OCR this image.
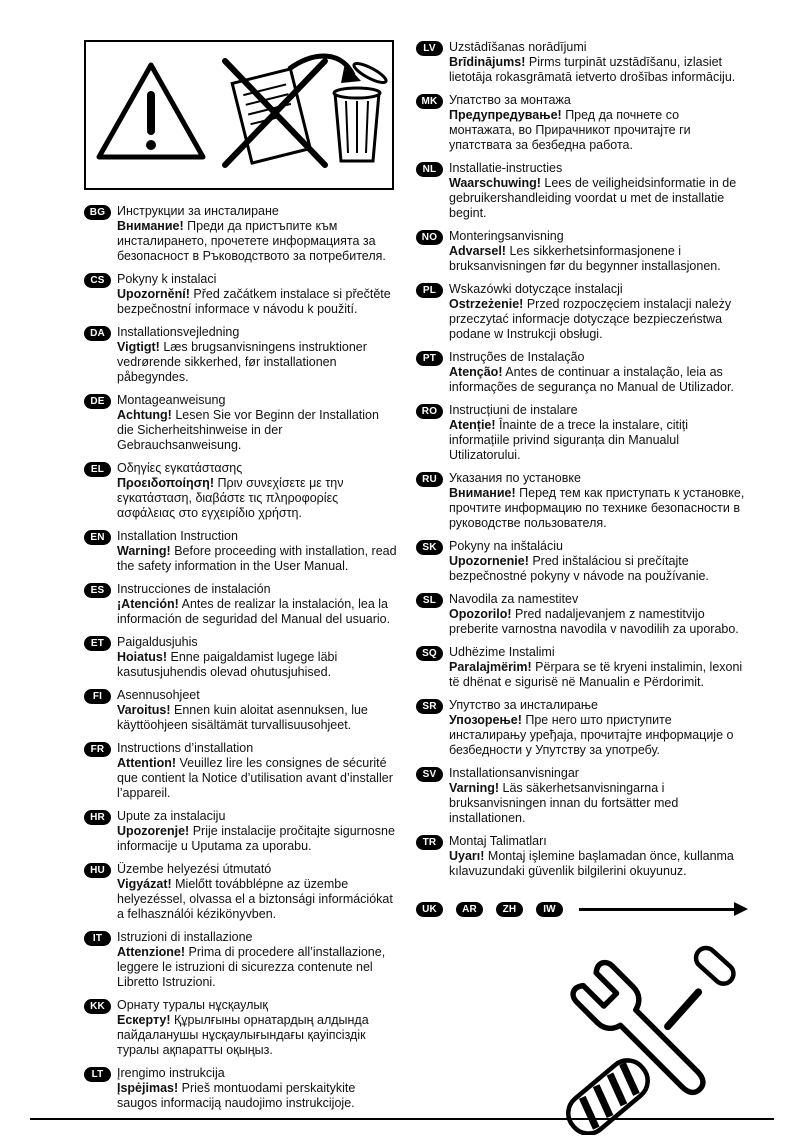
BG Инструкции за инсталиране
Внимание! Преди да пристъпите към инсталирането, прочетете информацията за безопасност в Ръководството за потребителя.
CS Pokyny k instalaci
Upozornění! Před začátkem instalace si přečtěte bezpečnostní informace v návodu k použití.
DA Installationsvejledning
Vigtigt! Læs brugsanvisningens instruktioner vedrørende sikkerhed, før installationen påbegyndes.
DE Montageanweisung
Achtung! Lesen Sie vor Beginn der Installation die Sicherheitshinweise in der Gebrauchsanweisung.
EL	Οδηγίες εγκατάστασης
Προειδοποίηση! Πριν συνεχίσετε με την εγκατάσταση, διαβάστε τις πληροφορίες ασφάλειας στο εγχειρίδιο χρήστη.
EN Installation Instruction
Warning! Before proceeding with installation, read the safety information in the User Manual.
ES	Instrucciones de instalación
¡Atención! Antes de realizar la instalación, lea la información de seguridad del Manual del usuario.
ET	Paigaldusjuhis
Hoiatus! Enne paigaldamist lugege läbi kasutusjuhendis olevad ohutusjuhised.
FI	Asennusohjeet
Varoitus! Ennen kuin aloitat asennuksen, lue käyttöohjeen sisältämät turvallisuusohjeet.
FR	Instructions d’installation
Attention! Veuillez lire les consignes de sécurité que contient la Notice d’utilisation avant d’installer l’appareil.
HR Upute za instalaciju
Upozorenje! Prije instalacije pročitajte sigurnosne informacije u Uputama za uporabu.
HU Üzembe helyezési útmutató
Vigyázat! Mielőtt továbblépne az üzembe helyezéssel, olvassa el a biztonsági információkat a felhasználói kézikönyvben.
IT	Istruzioni di installazione
Attenzione! Prima di procedere all’installazione, leggere le istruzioni di sicurezza contenute nel Libretto Istruzioni.
KK Орнату туралы нұсқаулық
Ескерту! Құрылғыны орнатардың алдында пайдаланушы нұсқаулығындағы қауіпсіздік туралы ақпаратты оқыңыз.
LT	Įrengimo instrukcija
Įspėjimas! Prieš montuodami perskaitykite saugos informaciją naudojimo instrukcijoje.
LV	Uzstādīšanas norādījumi
Brīdinājums! Pirms turpināt uzstādīšanu, izlasiet lietotāja rokasgrāmatā ietverto drošības informāciju.
MK Упатство за монтажа
Предупредување! Пред да почнете со монтажата, во Прирачникот прочитајте ги упатствата за безбедна работа.
NL	Installatie-instructies
Waarschuwing! Lees de veiligheidsinformatie in de gebruikershandleiding voordat u met de installatie begint.
NO Monteringsanvisning
Advarsel! Les sikkerhetsinformasjonene i bruksanvisningen før du begynner installasjonen.
PL	Wskazówki dotyczące instalacji
Ostrzeżenie! Przed rozpoczęciem instalacji należy przeczytać informacje dotyczące bezpieczeństwa podane w Instrukcji obsługi.
PT	Instruções de Instalação
Atenção! Antes de continuar a instalação, leia as informações de segurança no Manual de Utilizador.
RO Instrucțiuni de instalare
Atenție! Înainte de a trece la instalare, citiți informațiile privind siguranța din Manualul Utilizatorului.
RU Указания по установке
Внимание! Перед тем как приступать к установке, прочтите информацию по технике безопасности в руководстве пользователя.
SK Pokyny na inštaláciu
Upozornenie! Pred inštaláciou si prečítajte bezpečnostné pokyny v návode na používanie.
SL	Navodila za namestitev
Opozorilo! Pred nadaljevanjem z namestitvijo preberite varnostna navodila v navodilih za uporabo.
SQ Udhëzime Instalimi
Paralajmërim! Përpara se të kryeni instalimin, lexoni të dhënat e sigurisë në Manualin e Përdorimit.
SR Упутство за инсталирање
Упозорење! Пре него што приступите инсталирању уређаја, прочитајте информације о безбедности у Упутству за употребу.
SV	Installationsanvisningar
Varning! Läs säkerhetsanvisningarna i bruksanvisningen innan du fortsätter med installationen.
TR	Montaj Talimatları
Uyarı! Montaj işlemine başlamadan önce, kullanma kılavuzundaki güvenlik bilgilerini okuyunuz.
UK	AR	ZH	IW
